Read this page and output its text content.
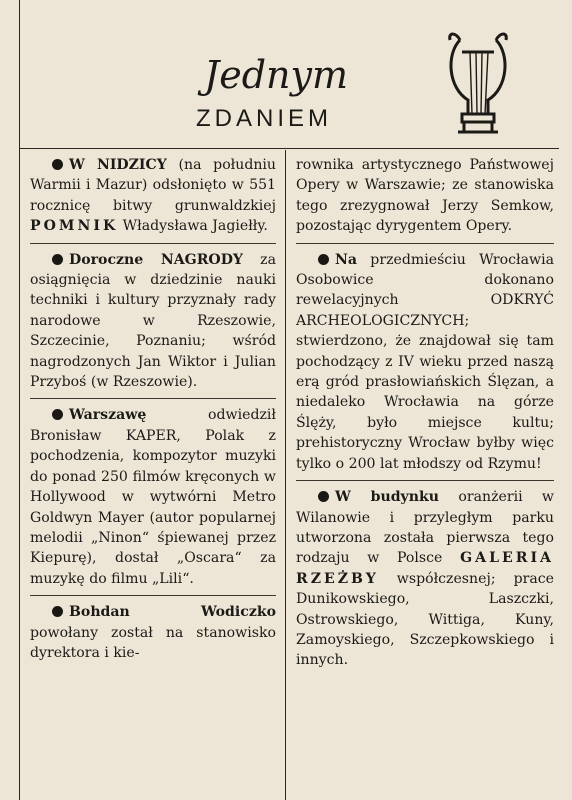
Jednym
ZDANIEM

W NIDZICY (na południu Warmii i Mazur) odsłonięto w 551 rocznicę bitwy grunwaldzkiej POMNIK Władysława Jagiełły.

Doroczne NAGRODY za osiągnięcia w dziedzinie nauki techniki i kultury przyznały rady narodowe w Rzeszowie, Szczecinie, Poznaniu; wśród nagrodzonych Jan Wiktor i Julian Przyboś (w Rzeszowie).

Warszawę odwiedził Bronisław KAPER, Polak z pochodzenia, kompozytor muzyki do ponad 250 filmów kręconych w Hollywood w wytwórni Metro Goldwyn Mayer (autor popularnej melodii „Ninon“ śpiewanej przez Kiepurę), dostał „Oscara“ za muzykę do filmu „Lili“.

Bohdan Wodiczko powołany został na stanowisko dyrektora i kie-

rownika artystycznego Państwowej Opery w Warszawie; ze stanowiska tego zrezygnował Jerzy Semkow, pozostając dyrygentem Opery.

Na przedmieściu Wrocławia Osobowice dokonano rewelacyjnych ODKRYĆ ARCHEOLOGICZNYCH; stwierdzono, że znajdował się tam pochodzący z IV wieku przed naszą erą gród prasłowiańskich Ślęzan, a niedaleko Wrocławia na górze Ślęży, było miejsce kultu; prehistoryczny Wrocław byłby więc tylko o 200 lat młodszy od Rzymu!

W budynku oranżerii w Wilanowie i przyległym parku utworzona została pierwsza tego rodzaju w Polsce GALERIA RZEŻBY współczesnej; prace Dunikowskiego, Laszczki, Ostrowskiego, Wittiga, Kuny, Zamoyskiego, Szczepkowskiego i innych.
